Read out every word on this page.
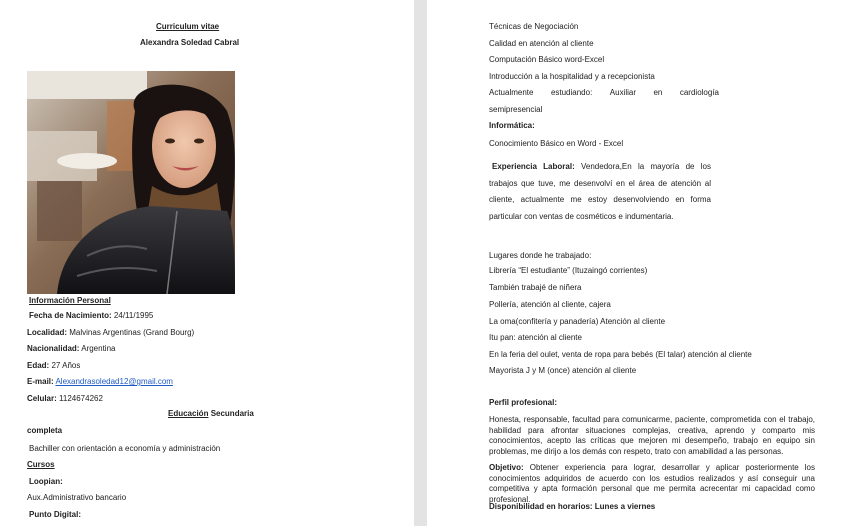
Curriculum vitae
Alexandra Soledad Cabral
Información Personal
Fecha de Nacimiento: 24/11/1995
Localidad: Malvinas Argentinas (Grand Bourg)
Nacionalidad: Argentina
Edad: 27 Años
E-mail: Alexandrasoledad12@gmail.com
Celular: 1124674262
Educación Secundaria
completa
Bachiller con orientación a economía y administración
Cursos
Loopian:
Aux.Administrativo bancario
Punto Digital:
Técnicas de Negociación
Calidad en atención al cliente
Computación Básico word-Excel
Introducción a la hospitalidad y a recepcionista
Actualmente estudiando: Auxiliar en cardiología
semipresencial
Informática:
Conocimiento Básico en Word - Excel
Experiencia Laboral: Vendedora,En la mayoría de los trabajos que tuve, me desenvolví en el área de atención al cliente, actualmente me estoy desenvolviendo en forma particular con ventas de cosméticos e indumentaria.
Lugares donde he trabajado:
Librería “El estudiante” (Ituzaingó corrientes)
También trabajé de niñera
Pollería, atención al cliente, cajera
La oma(confitería y panadería) Atención al cliente
Itu pan: atención al cliente
En la feria del oulet, venta de ropa para bebés (El talar) atención al cliente
Mayorista J y M (once) atención al cliente
Perfil profesional:
Honesta, responsable, facultad para comunicarme, paciente, comprometida con el trabajo, habilidad para afrontar situaciones complejas, creativa, aprendo y comparto mis conocimientos, acepto las críticas que mejoren mi desempeño, trabajo en equipo sin problemas, me dirijo a los demás con respeto, trato con amabilidad a las personas.
Objetivo: Obtener experiencia para lograr, desarrollar y aplicar posteriormente los conocimientos adquiridos de acuerdo con los estudios realizados y así conseguir una competitiva y apta formación personal que me permita acrecentar mi capacidad como profesional.
Disponibilidad en horarios: Lunes a viernes
